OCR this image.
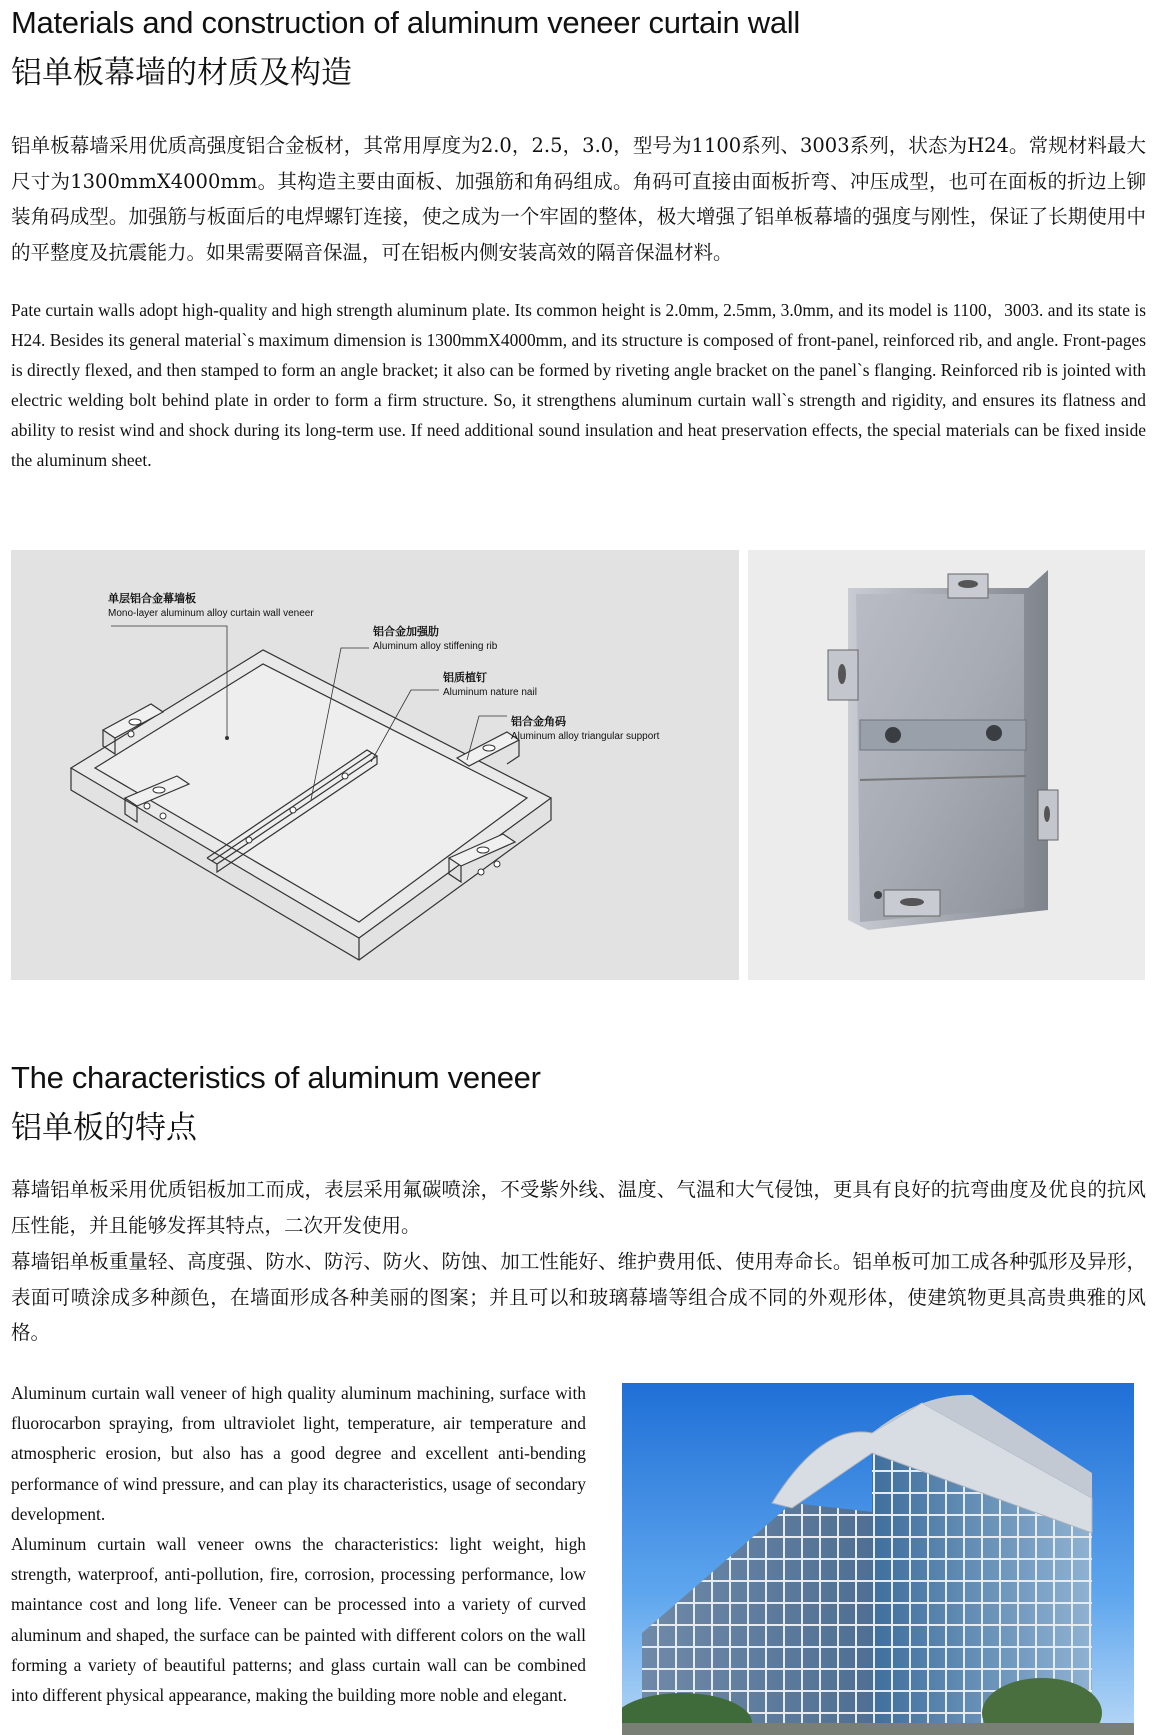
Materials and construction of aluminum veneer curtain wall
铝单板幕墙的材质及构造

铝单板幕墙采用优质高强度铝合金板材，其常用厚度为2.0，2.5，3.0，型号为1100系列、3003系列，状态为H24。常规材料最大尺寸为1300mmX4000mm。其构造主要由面板、加强筋和角码组成。角码可直接由面板折弯、冲压成型，也可在面板的折边上铆装角码成型。加强筋与板面后的电焊螺钉连接，使之成为一个牢固的整体，极大增强了铝单板幕墙的强度与刚性，保证了长期使用中的平整度及抗震能力。如果需要隔音保温，可在铝板内侧安装高效的隔音保温材料。

Pate curtain walls adopt high-quality and high strength aluminum plate. Its common height is 2.0mm, 2.5mm, 3.0mm, and its model is 1100，3003. and its state is H24. Besides its general material`s maximum dimension is 1300mmX4000mm, and its structure is composed of front-panel, reinforced rib, and angle. Front-pages is directly flexed, and then stamped to form an angle bracket; it also can be formed by riveting angle bracket on the panel`s flanging. Reinforced rib is jointed with electric welding bolt behind plate in order to form a firm structure. So, it strengthens aluminum curtain wall`s strength and rigidity, and ensures its flatness and ability to resist wind and shock during its long-term use. If need additional sound insulation and heat preservation effects, the special materials can be fixed inside the aluminum sheet.

单层铝合金幕墙板
Mono-layer aluminum alloy curtain wall veneer
铝合金加强肋
Aluminum alloy stiffening rib
铝质植钉
Aluminum nature nail
铝合金角码
Aluminum alloy triangular support
The characteristics of aluminum veneer
铝单板的特点

幕墙铝单板采用优质铝板加工而成，表层采用氟碳喷涂，不受紫外线、温度、气温和大气侵蚀，更具有良好的抗弯曲度及优良的抗风压性能，并且能够发挥其特点，二次开发使用。

幕墙铝单板重量轻、高度强、防水、防污、防火、防蚀、加工性能好、维护费用低、使用寿命长。铝单板可加工成各种弧形及异形，表面可喷涂成多种颜色，在墙面形成各种美丽的图案；并且可以和玻璃幕墙等组合成不同的外观形体，使建筑物更具高贵典雅的风格。

Aluminum curtain wall veneer of high quality aluminum machining, surface with fluorocarbon spraying, from ultraviolet light, temperature, air temperature and atmospheric erosion, but also has a good degree and excellent anti-bending performance of wind pressure, and can play its characteristics, usage of secondary development.

Aluminum curtain wall veneer owns the characteristics: light weight, high strength, waterproof, anti-pollution, fire, corrosion, processing performance, low maintance cost and long life. Veneer can be processed into a variety of curved aluminum and shaped, the surface can be painted with different colors on the wall forming a variety of beautiful patterns; and glass curtain wall can be combined into different physical appearance, making the building more noble and elegant.
